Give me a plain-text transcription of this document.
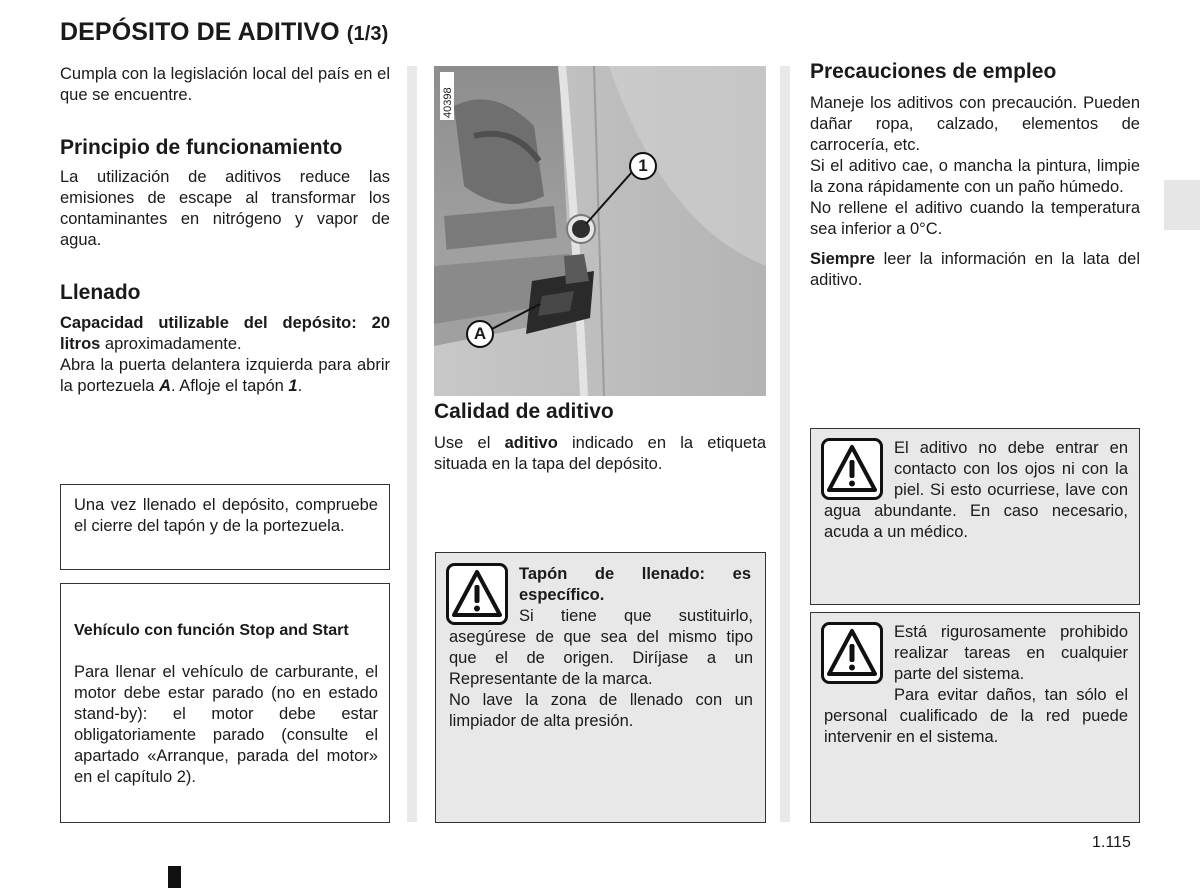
DEPÓSITO DE ADITIVO (1/3)

Cumpla con la legislación local del país en el que se encuentre.

Principio de funcionamiento

La utilización de aditivos reduce las emisiones de escape al transformar los contaminantes en nitrógeno y vapor de agua.

Llenado

Capacidad utilizable del depósito: 20 litros aproximadamente.

Abra la puerta delantera izquierda para abrir la portezuela A. Afloje el tapón 1.

Una vez llenado el depósito, compruebe el cierre del tapón y de la portezuela.

Vehículo con función Stop and Start

Para llenar el vehículo de carburante, el motor debe estar parado (no en estado stand-by): el motor debe estar obligatoriamente parado (consulte el apartado «Arranque, parada del motor» en el capítulo 2).

40398
1
A

Calidad de aditivo

Use el aditivo indicado en la etiqueta situada en la tapa del depósito.

Tapón de llenado: es específico.

Si tiene que sustituirlo, asegúrese de que sea del mismo tipo que el de origen. Diríjase a un Representante de la marca.

No lave la zona de llenado con un limpiador de alta presión.

Precauciones de empleo

Maneje los aditivos con precaución. Pueden dañar ropa, calzado, elementos de carrocería, etc.

Si el aditivo cae, o mancha la pintura, limpie la zona rápidamente con un paño húmedo.

No rellene el aditivo cuando la temperatura sea inferior a 0°C.

Siempre leer la información en la lata del aditivo.

El aditivo no debe entrar en contacto con los ojos ni con la piel. Si esto ocurriese, lave con agua abundante. En caso necesario, acuda a un médico.

Está rigurosamente prohibido realizar tareas en cualquier parte del sistema.

Para evitar daños, tan sólo el personal cualificado de la red puede intervenir en el sistema.

1.115
